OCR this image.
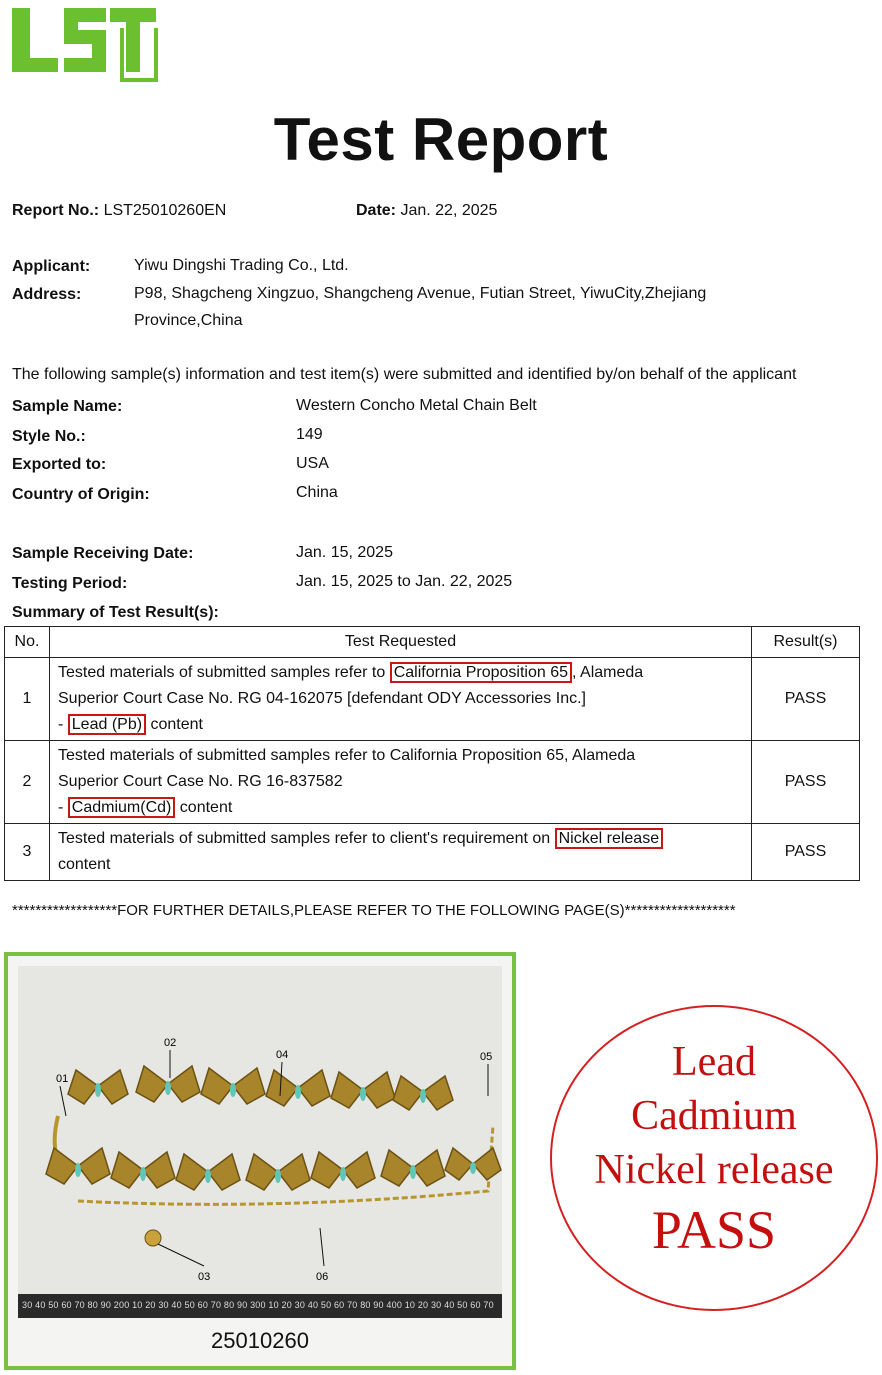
Test Report
Report No.: LST25010260EN	Date: Jan. 22, 2025
Applicant:	Yiwu Dingshi Trading Co., Ltd.
Address:	P98, Shagcheng Xingzuo, Shangcheng Avenue, Futian Street, YiwuCity,Zhejiang
Province,China
The following sample(s) information and test item(s) were submitted and identified by/on behalf of the applicant
Sample Name:	Western Concho Metal Chain Belt
Style No.:	149
Exported to:	USA
Country of Origin:	China
Sample Receiving Date:	Jan. 15, 2025
Testing Period:	Jan. 15, 2025 to Jan. 22, 2025
Summary of Test Result(s):
No.	Test Requested	Result(s)
1	Tested materials of submitted samples refer to California Proposition 65 , Alameda
Superior Court Case No. RG 04-162075 [defendant ODY Accessories Inc.]
- Lead (Pb) content	PASS
2	Tested materials of submitted samples refer to California Proposition 65, Alameda
Superior Court Case No. RG 16-837582
- Cadmium(Cd) content	PASS
3	Tested materials of submitted samples refer to client's requirement on Nickel release
content	PASS
******************FOR FURTHER DETAILS,PLEASE REFER TO THE FOLLOWING PAGE(S)*******************
01
02
03
04	05
06
30 40 50 60 70 80 90 200 10 20 30 40 50 60 70 80 90 300 10 20 30 40 50 60 70 80 90 400 10 20 30 40 50 60 70
25010260
Lead
Cadmium
Nickel release
PASS
